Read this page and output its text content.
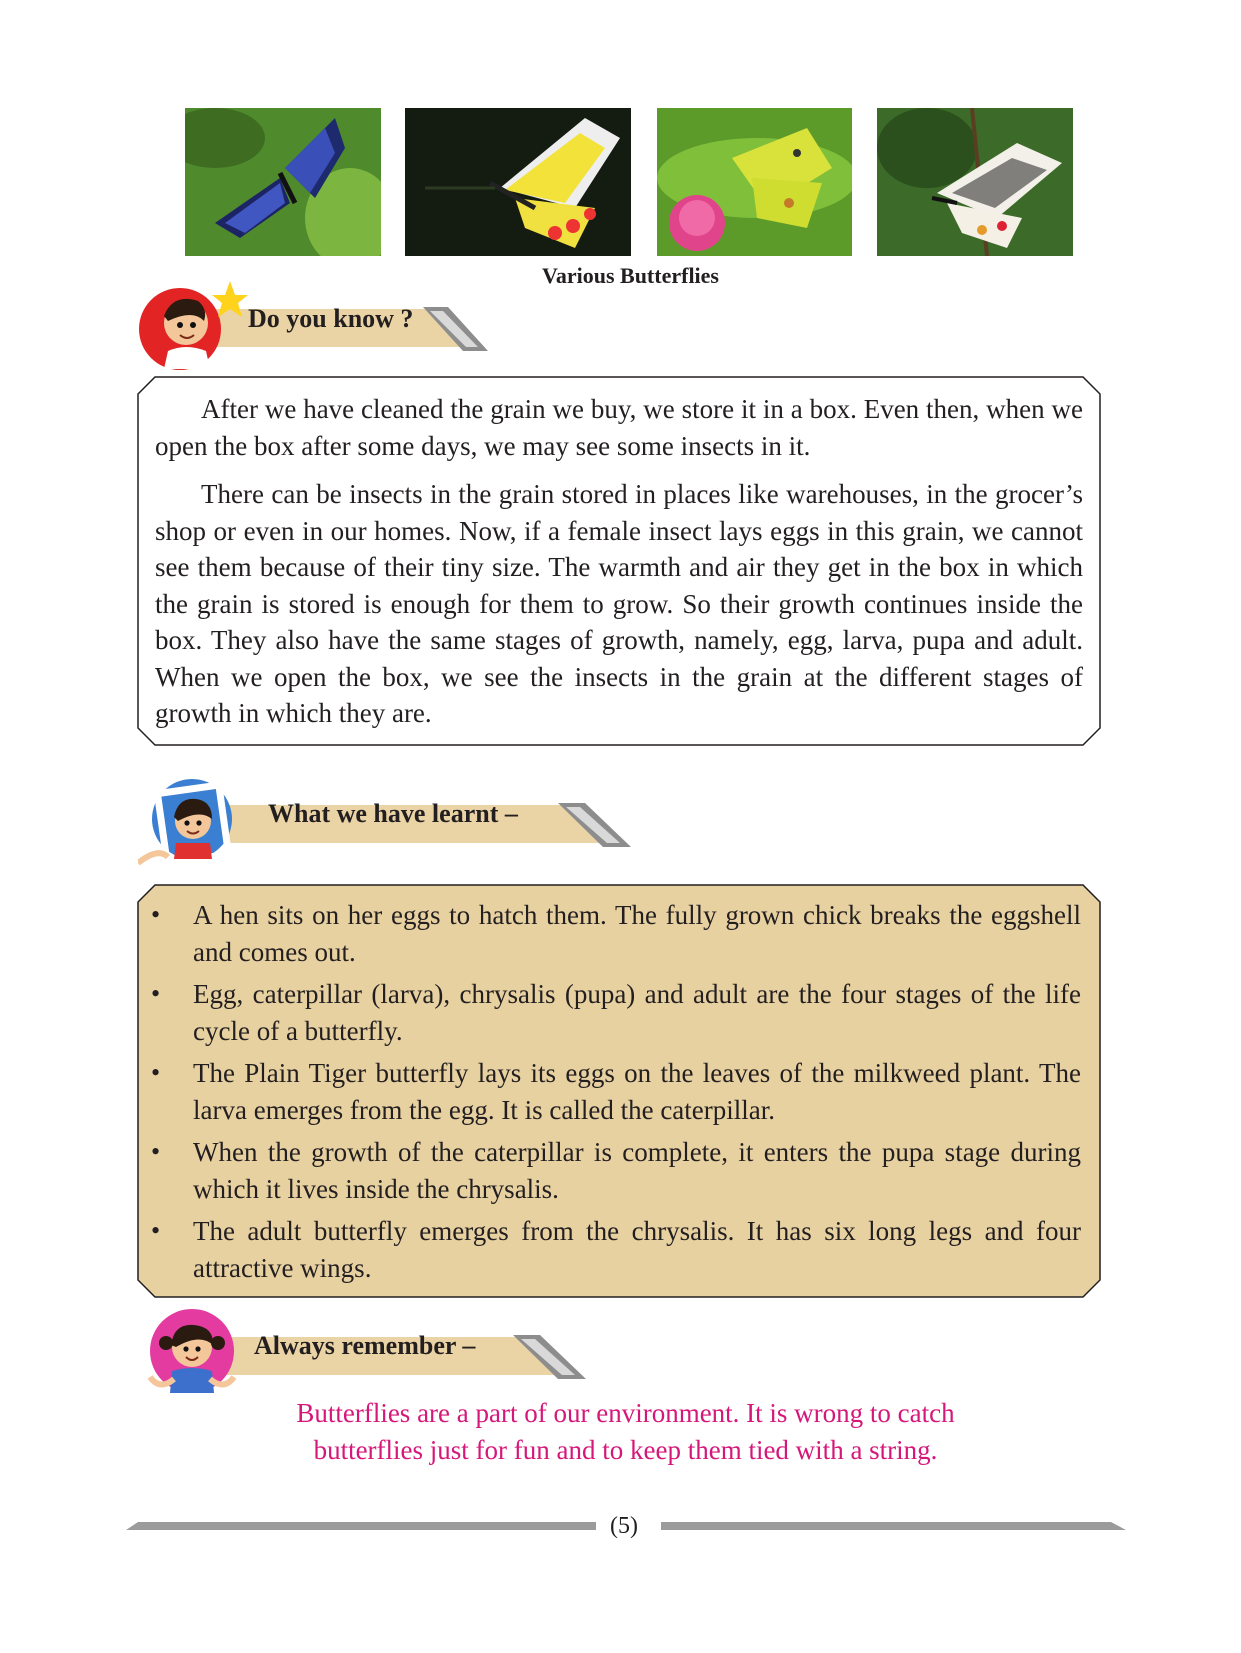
Various Butterflies
Do you know ?

After we have cleaned the grain we buy, we store it in a box. Even then, when we open the box after some days, we may see some insects in it.

There can be insects in the grain stored in places like warehouses, in the grocer’s shop or even in our homes. Now, if a female insect lays eggs in this grain, we cannot see them because of their tiny size. The warmth and air they get in the box in which the grain is stored is enough for them to grow. So their growth continues inside the box. They also have the same stages of growth, namely, egg, larva, pupa and adult. When we open the box, we see the insects in the grain at the different stages of growth in which they are.

What we have learnt –
• A hen sits on her eggs to hatch them. The fully grown chick breaks the eggshell and comes out.
• Egg, caterpillar (larva), chrysalis (pupa) and adult are the four stages of the life cycle of a butterfly.
• The Plain Tiger butterfly lays its eggs on the leaves of the milkweed plant. The larva emerges from the egg. It is called the caterpillar.
• When the growth of the caterpillar is complete, it enters the pupa stage during which it lives inside the chrysalis.
• The adult butterfly emerges from the chrysalis. It has six long legs and four attractive wings.
Always remember –
Butterflies are a part of our environment. It is wrong to catch
butterflies just for fun and to keep them tied with a string.
(5)
